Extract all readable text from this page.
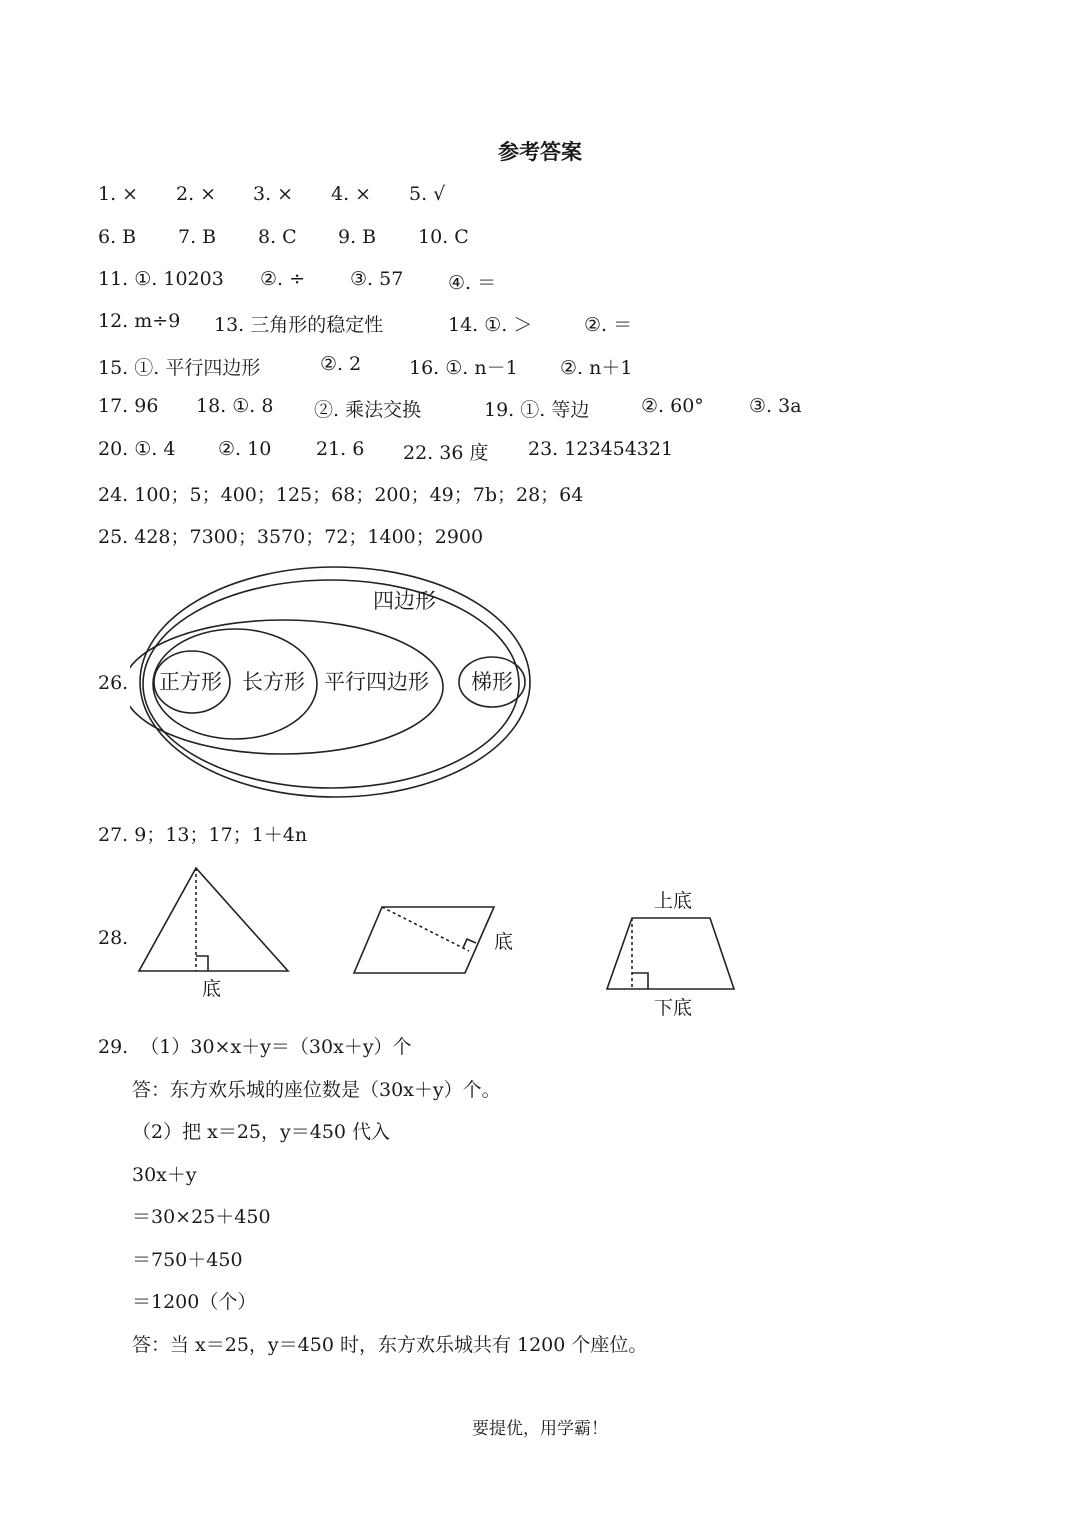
参考答案
1. × 2. × 3. × 4. × 5. √
6. B 7. B 8. C 9. B 10. C
11. ①. 10203 ②. ÷ ③. 57 ④. ＝
12. m÷9 13. 三角形的稳定性	14. ①. ＞	②. ＝
15. ①. 平行四边形	②. 2	16. ①. n－1 ②. n＋1
17. 96 18. ①. 8 ②. 乘法交换	19. ①. 等边	②. 60° ③. 3a
20. ①. 4 ②. 10 21. 6 22. 36 度 23. 123454321
24. 100；5；400；125；68；200；49；7b；28；64
25. 428；7300；3570；72；1400；2900
26.
四边形
正方形 长方形 平行四边形 梯形
27. 9；13；17；1＋4n
28.
底
底
上底
下底
29.  （1）30×x＋y＝（30x＋y）个
答：东方欢乐城的座位数是（30x＋y）个。
（2）把 x＝25，y＝450 代入
30x＋y
＝30×25＋450
＝750＋450
＝1200（个）
答：当 x＝25，y＝450 时，东方欢乐城共有 1200 个座位。
要提优，用学霸！
